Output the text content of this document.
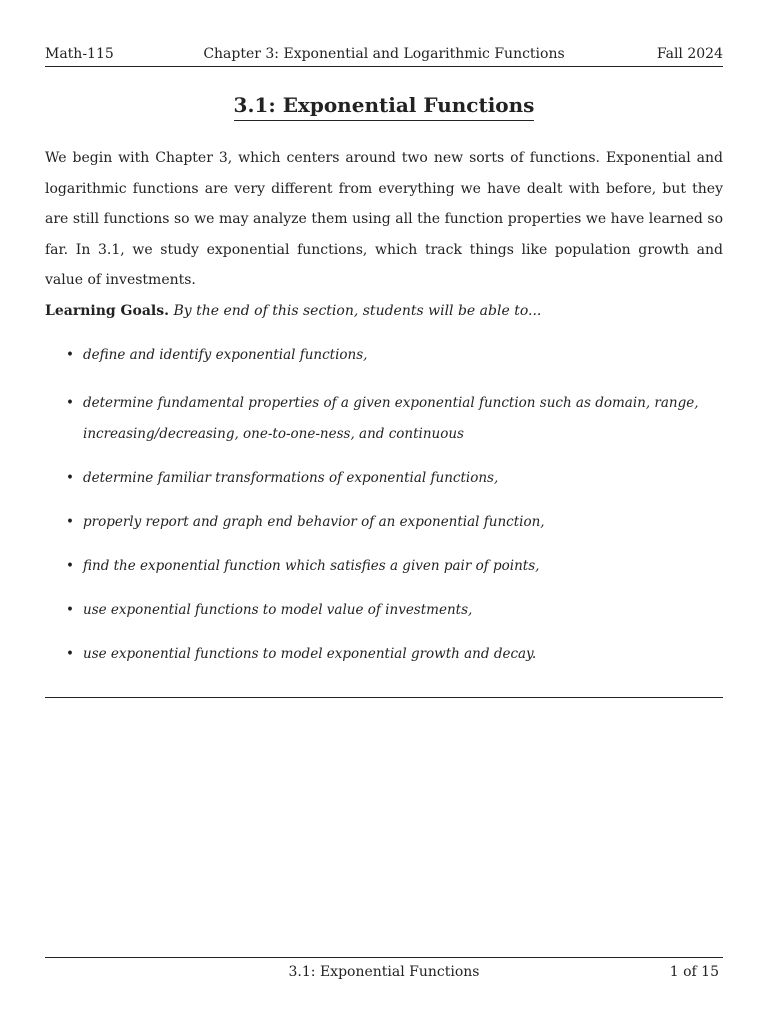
Math-115	Chapter 3: Exponential and Logarithmic Functions	Fall 2024
3.1: Exponential Functions

We begin with Chapter 3, which centers around two new sorts of functions. Exponential and logarithmic functions are very different from everything we have dealt with before, but they are still functions so we may analyze them using all the function properties we have learned so far. In 3.1, we study exponential functions, which track things like population growth and value of investments.

Learning Goals. By the end of this section, students will be able to...
• define and identify exponential functions,
• determine fundamental properties of a given exponential function such as domain, range, increasing/decreasing, one-to-one-ness, and continuous
• determine familiar transformations of exponential functions,
• properly report and graph end behavior of an exponential function,
• find the exponential function which satisfies a given pair of points,
• use exponential functions to model value of investments,
• use exponential functions to model exponential growth and decay.
3.1: Exponential Functions	1 of 15
